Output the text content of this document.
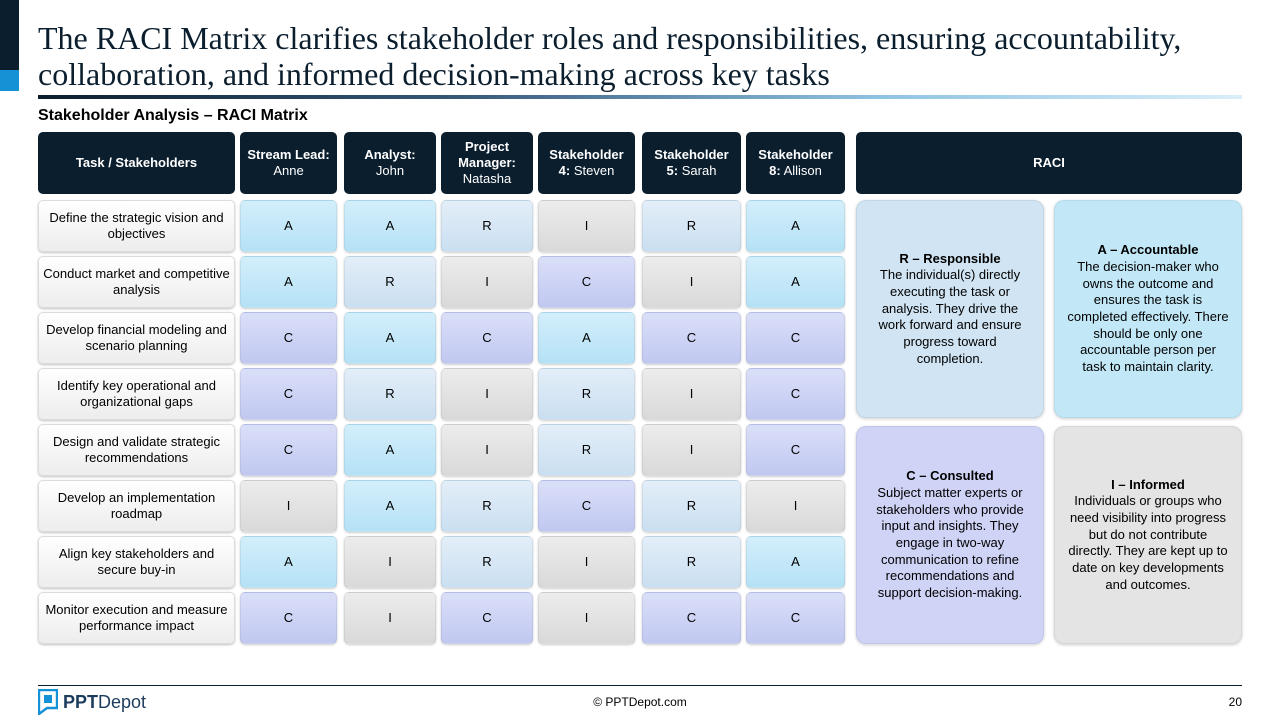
The RACI Matrix clarifies stakeholder roles and responsibilities, ensuring accountability, collaboration, and informed decision-making across key tasks
Stakeholder Analysis – RACI Matrix
Task / Stakeholders
Stream Lead: Anne
Analyst: John
Project Manager: Natasha
Stakeholder 4: Steven
Stakeholder 5: Sarah
Stakeholder 8: Allison
RACI
Define the strategic vision and objectives
A	A	R	I	R	A
Conduct market and competitive analysis
A	R	I	C	I	A
Develop financial modeling and scenario planning
C	A	C	A	C	C
Identify key operational and organizational gaps
C	R	I	R	I	C
Design and validate strategic recommendations
C	A	I	R	I	C
Develop an implementation roadmap
I	A	R	C	R	I
Align key stakeholders and secure buy-in
A	I	R	I	R	A
Monitor execution and measure performance impact
C	I	C	I	C	C
R – Responsible
The individual(s) directly executing the task or analysis. They drive the work forward and ensure progress toward completion.
A – Accountable
The decision-maker who owns the outcome and ensures the task is completed effectively. There should be only one accountable person per task to maintain clarity.
C – Consulted
Subject matter experts or stakeholders who provide input and insights. They engage in two-way communication to refine recommendations and support decision-making.
I – Informed
Individuals or groups who need visibility into progress but do not contribute directly. They are kept up to date on key developments and outcomes.
PPTDepot	© PPTDepot.com	20
